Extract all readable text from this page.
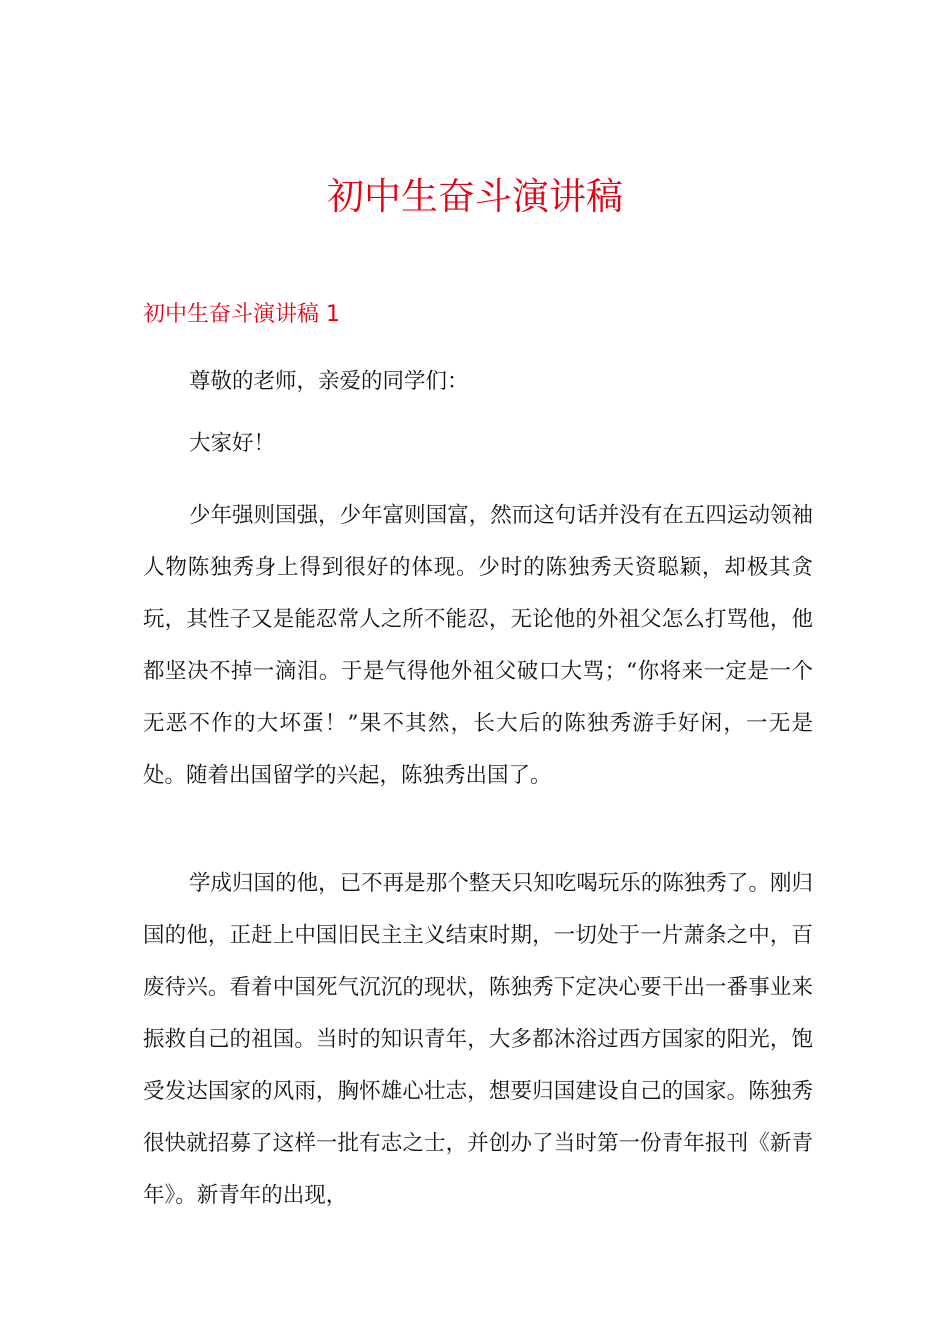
初中生奋斗演讲稿
初中生奋斗演讲稿 1

尊敬的老师，亲爱的同学们：

大家好！

少年强则国强，少年富则国富，然而这句话并没有在五四运动领袖人物陈独秀身上得到很好的体现。少时的陈独秀天资聪颖，却极其贪玩，其性子又是能忍常人之所不能忍，无论他的外祖父怎么打骂他，他都坚决不掉一滴泪。于是气得他外祖父破口大骂；“你将来一定是一个无恶不作的大坏蛋！”果不其然，长大后的陈独秀游手好闲，一无是处。随着出国留学的兴起，陈独秀出国了。

学成归国的他，已不再是那个整天只知吃喝玩乐的陈独秀了。刚归国的他，正赶上中国旧民主主义结束时期，一切处于一片萧条之中，百废待兴。看着中国死气沉沉的现状，陈独秀下定决心要干出一番事业来振救自己的祖国。当时的知识青年，大多都沐浴过西方国家的阳光，饱受发达国家的风雨，胸怀雄心壮志，想要归国建设自己的国家。陈独秀很快就招募了这样一批有志之士，并创办了当时第一份青年报刊《新青年》。新青年的出现，
